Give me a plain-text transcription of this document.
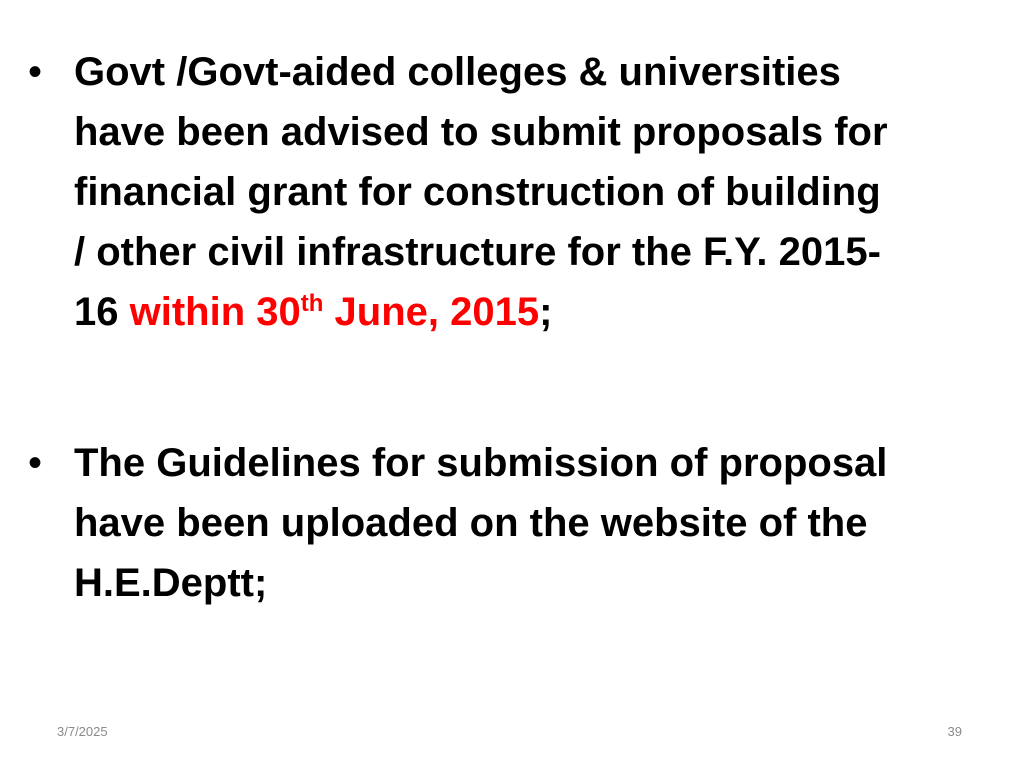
• Govt /Govt-aided colleges & universities
have been advised to submit proposals for
financial grant for construction of building
/ other civil infrastructure for the F.Y. 2015-
16 within 30th June, 2015;
• The Guidelines for submission of proposal
have been uploaded on the website of the
H.E.Deptt;
3/7/2025	39
